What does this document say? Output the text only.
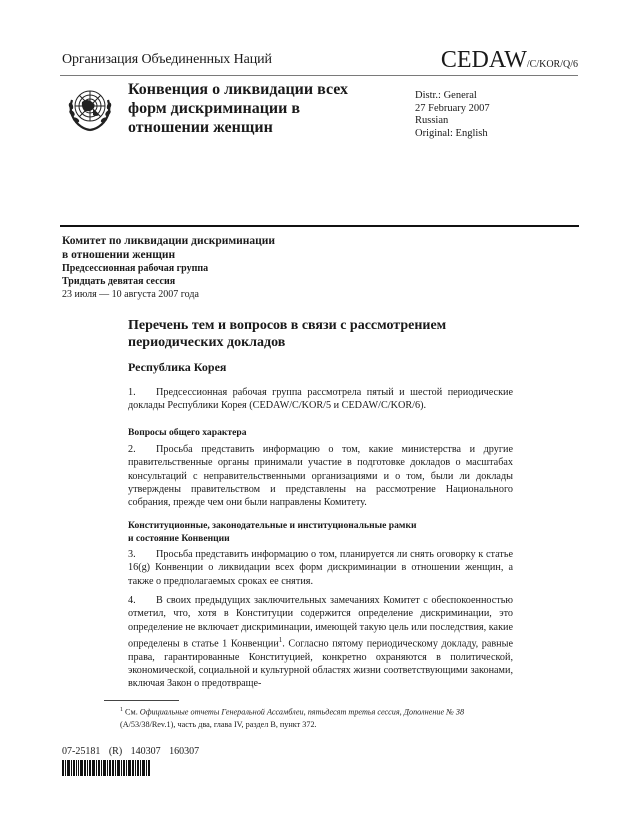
Организация Объединенных Наций	CEDAW/C/KOR/Q/6
Конвенция о ликвидации всех
форм дискриминации в
отношении женщин
Distr.: General
27 February 2007
Russian
Original: English
Комитет по ликвидации дискриминации
в отношении женщин
Предсессионная рабочая группа
Тридцать девятая сессия
23 июля — 10 августа 2007 года
Перечень тем и вопросов в связи с рассмотрением
периодических докладов
Республика Корея
1. Предсессионная рабочая группа рассмотрела пятый и шестой периодические доклады Республики Корея (CEDAW/C/KOR/5 и CEDAW/C/KOR/6).
Вопросы общего характера
2. Просьба представить информацию о том, какие министерства и другие правительственные органы принимали участие в подготовке докладов о масштабах консультаций с неправительственными организациями и о том, были ли доклады утверждены правительством и представлены на рассмотрение Национального собрания, прежде чем они были направлены Комитету.
Конституционные, законодательные и институциональные рамки
и состояние Конвенции
3. Просьба представить информацию о том, планируется ли снять оговорку к статье 16(g) Конвенции о ликвидации всех форм дискриминации в отношении женщин, а также о предполагаемых сроках ее снятия.
4. В своих предыдущих заключительных замечаниях Комитет с обеспокоенностью отметил, что, хотя в Конституции содержится определение дискриминации, это определение не включает дискриминации, имеющей такую цель или последствия, какие определены в статье 1 Конвенции$^1$. Согласно пятому периодическому докладу, равные права, гарантированные Конституцией, конкретно охраняются в политической, экономической, социальной и культурной областях жизни соответствующими законами, включая Закон о предотвраще-
$^1$ См. Официальные отчеты Генеральной Ассамблеи, пятьдесят третья сессия, Дополнение № 38 (A/53/38/Rev.1), часть два, глава IV, раздел B, пункт 372.
07-25181 (R) 140307 160307
